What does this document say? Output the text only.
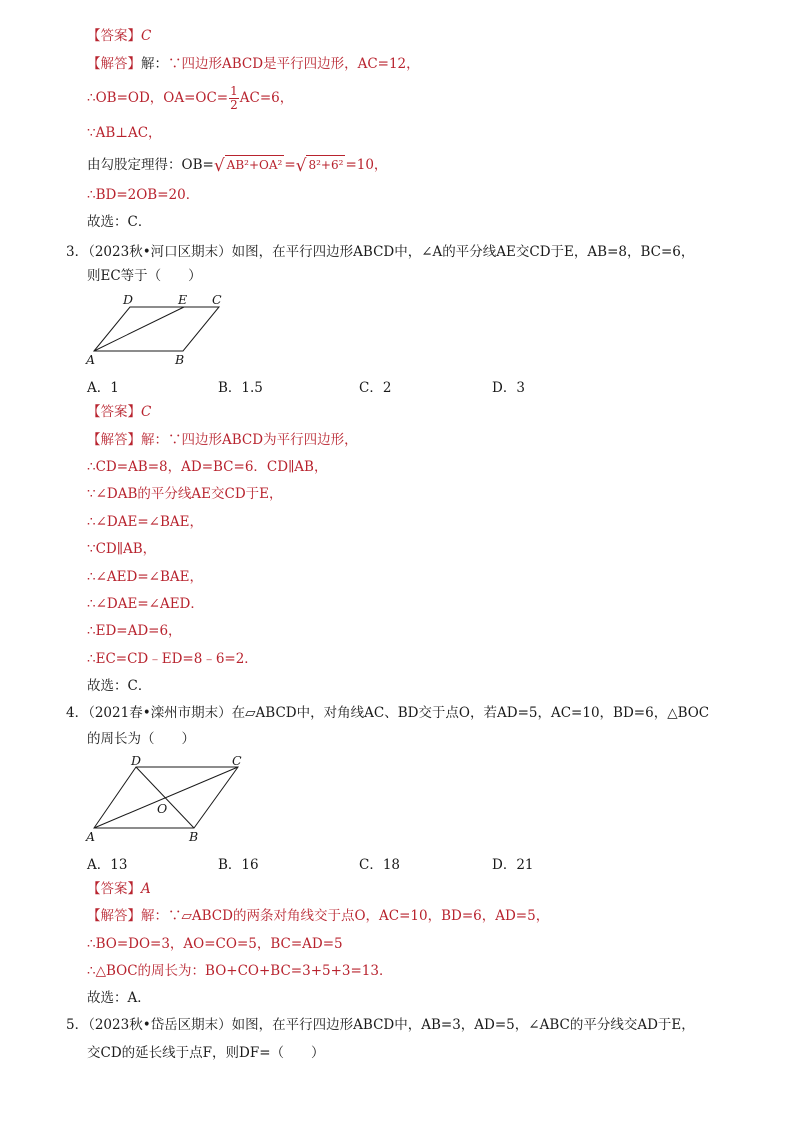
【答案】C
【解答】解：∵四边形ABCD是平行四边形，AC=12，
∴OB=OD，$OA=OC= \frac{1}{2} AC=6$，
∵AB⊥AC，
由勾股定理得：OB=√ AB²+OA² =√ 8²+6² =10，
∴BD=2OB=20．
故选：C．
3．（2023秋•河口区期末）如图，在平行四边形ABCD中，∠A的平分线AE交CD于E，AB=8，BC=6，
则EC等于（　　）
D	E C
A	B
A．1	B．1.5	C．2	D．3
【答案】C
【解答】解：∵四边形ABCD为平行四边形，
∴CD=AB=8，AD=BC=6．CD∥AB，
∵∠DAB的平分线AE交CD于E，
∴∠DAE=∠BAE，
∵CD∥AB，
∴∠AED=∠BAE，
∴∠DAE=∠AED．
∴ED=AD=6，
∴EC=CD﹣ED=8﹣6=2．
故选：C．
4．（2021春•滦州市期末）在▱ABCD中，对角线AC、BD交于点O，若AD=5，AC=10，BD=6，△BOC
的周长为（　　）
D	C
O
A	B
A．13	B．16	C．18	D．21
【答案】A
【解答】解：∵▱ABCD的两条对角线交于点O，AC=10，BD=6，AD=5，
∴BO=DO=3，AO=CO=5，BC=AD=5
∴△BOC的周长为：BO+CO+BC=3+5+3=13．
故选：A．
5．（2023秋•岱岳区期末）如图，在平行四边形ABCD中，AB=3，AD=5，∠ABC的平分线交AD于E，
交CD的延长线于点F，则DF=（　　）
